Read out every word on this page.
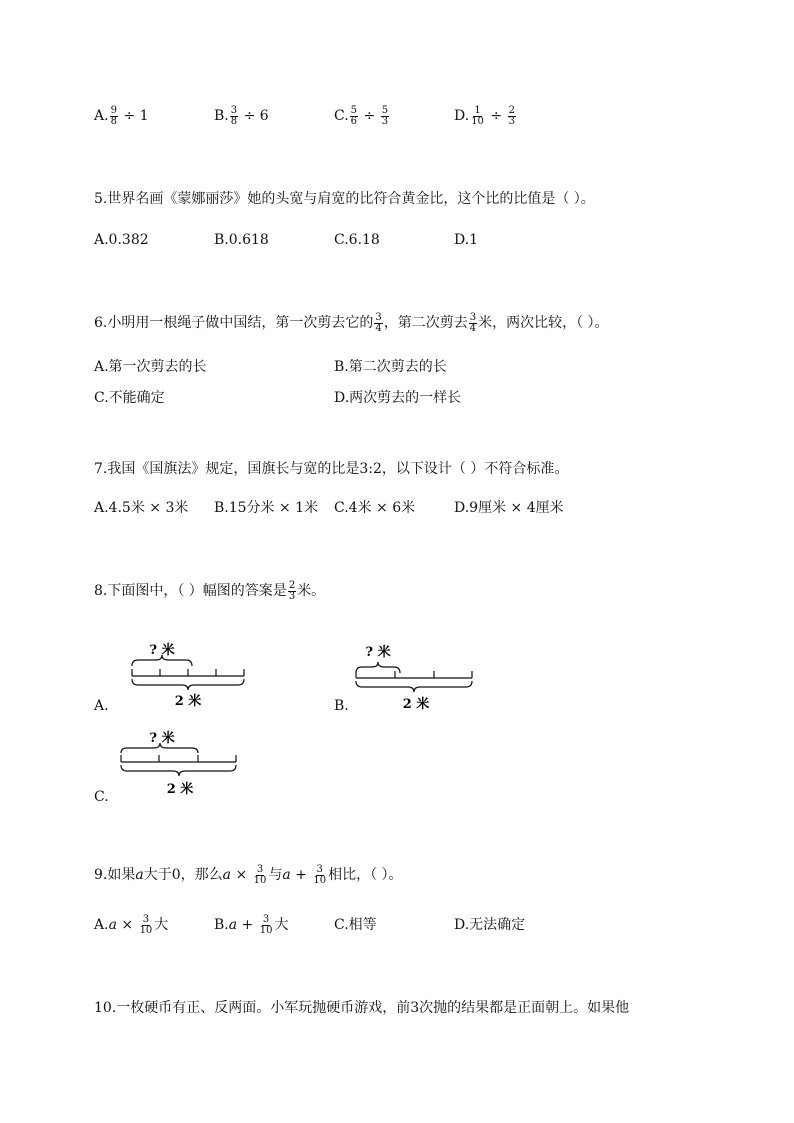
A. $\frac{9}{8} \div 1$	B. $\frac{3}{8} \div 6$	C. $\frac{5}{6} \div \frac{5}{3}$	D. $\frac{1}{10} \div \frac{2}{3}$
5.世界名画《蒙娜丽莎》她的头宽与肩宽的比符合黄金比，这个比的比值是（ ）。
A.0.382	B.0.618	C.6.18	D.1
6.小明用一根绳子做中国结，第一次剪去它的 $\frac{3}{4}$ ，第二次剪去 $\frac{3}{4}$ 米，两次比较，（ ）。
A.第一次剪去的长	B.第二次剪去的长
C.不能确定	D.两次剪去的一样长
7.我国《国旗法》规定，国旗长与宽的比是3:2，以下设计（ ）不符合标准。
A.4.5米 × 3米 B.15分米 × 1米 C.4米 × 6米	D.9厘米 × 4厘米
8.下面图中，（ ）幅图的答案是 $\frac{2}{3}$ 米。
A.
? 米
2 米	B.
? 米
2 米
C.
? 米
2 米
9.如果a大于0，那么$a \times \frac{3}{10}$ 与$a + \frac{3}{10}$ 相比，（ ）。
$A.a \times \frac{3}{10}$ 大	$B.a + \frac{3}{10}$ 大	C.相等	D.无法确定
10.一枚硬币有正、反两面。小军玩抛硬币游戏，前3次抛的结果都是正面朝上。如果他
